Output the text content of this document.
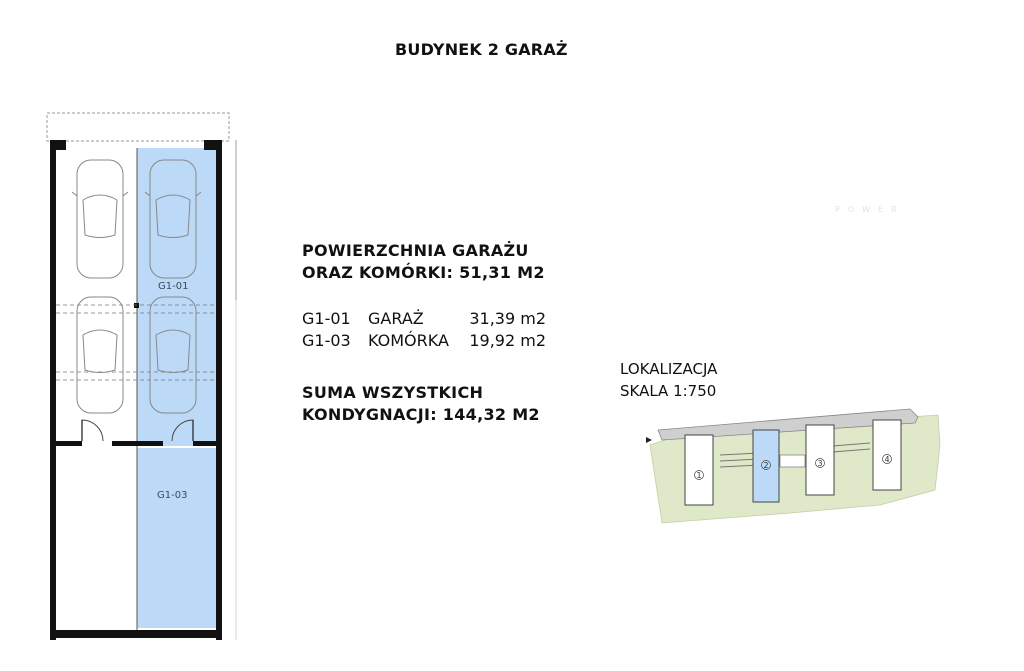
BUDYNEK 2 GARAŻ
G1-01
G1-03
POWIERZCHNIA GARAŻU
ORAZ KOMÓRKI: 51,31 M2
G1-01	GARAŻ	31,39 m2
G1-03	KOMÓRKA	19,92 m2
SUMA WSZYSTKICH
KONDYGNACJI: 144,32 M2
LOKALIZACJA
SKALA 1:750
1
2	3	4
POWER
